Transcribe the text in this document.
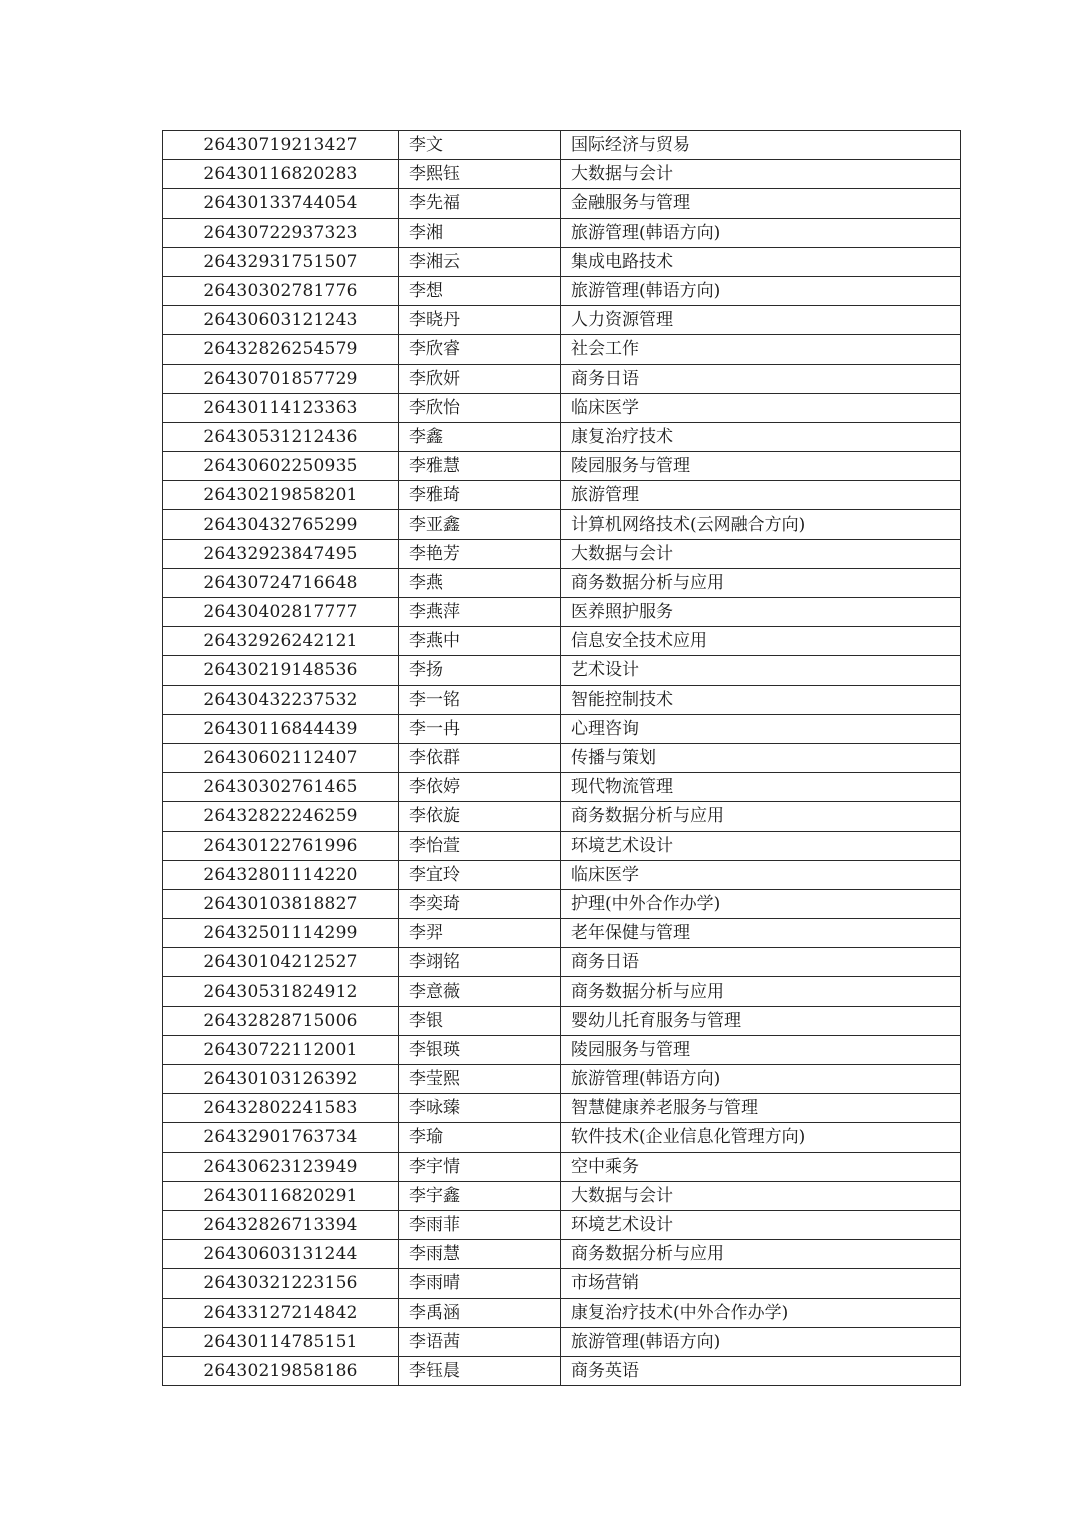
26430719213427	李文	国际经济与贸易
26430116820283	李熙钰	大数据与会计
26430133744054	李先福	金融服务与管理
26430722937323	李湘	旅游管理(韩语方向)
26432931751507	李湘云	集成电路技术
26430302781776	李想	旅游管理(韩语方向)
26430603121243	李晓丹	人力资源管理
26432826254579	李欣睿	社会工作
26430701857729	李欣妍	商务日语
26430114123363	李欣怡	临床医学
26430531212436	李鑫	康复治疗技术
26430602250935	李雅慧	陵园服务与管理
26430219858201	李雅琦	旅游管理
26430432765299	李亚鑫	计算机网络技术(云网融合方向)
26432923847495	李艳芳	大数据与会计
26430724716648	李燕	商务数据分析与应用
26430402817777	李燕萍	医养照护服务
26432926242121	李燕中	信息安全技术应用
26430219148536	李扬	艺术设计
26430432237532	李一铭	智能控制技术
26430116844439	李一冉	心理咨询
26430602112407	李依群	传播与策划
26430302761465	李依婷	现代物流管理
26432822246259	李依旋	商务数据分析与应用
26430122761996	李怡萱	环境艺术设计
26432801114220	李宜玲	临床医学
26430103818827	李奕琦	护理(中外合作办学)
26432501114299	李羿	老年保健与管理
26430104212527	李翊铭	商务日语
26430531824912	李意薇	商务数据分析与应用
26432828715006	李银	婴幼儿托育服务与管理
26430722112001	李银瑛	陵园服务与管理
26430103126392	李莹熙	旅游管理(韩语方向)
26432802241583	李咏臻	智慧健康养老服务与管理
26432901763734	李瑜	软件技术(企业信息化管理方向)
26430623123949	李宇情	空中乘务
26430116820291	李宇鑫	大数据与会计
26432826713394	李雨菲	环境艺术设计
26430603131244	李雨慧	商务数据分析与应用
26430321223156	李雨晴	市场营销
26433127214842	李禹涵	康复治疗技术(中外合作办学)
26430114785151	李语茜	旅游管理(韩语方向)
26430219858186	李钰晨	商务英语
